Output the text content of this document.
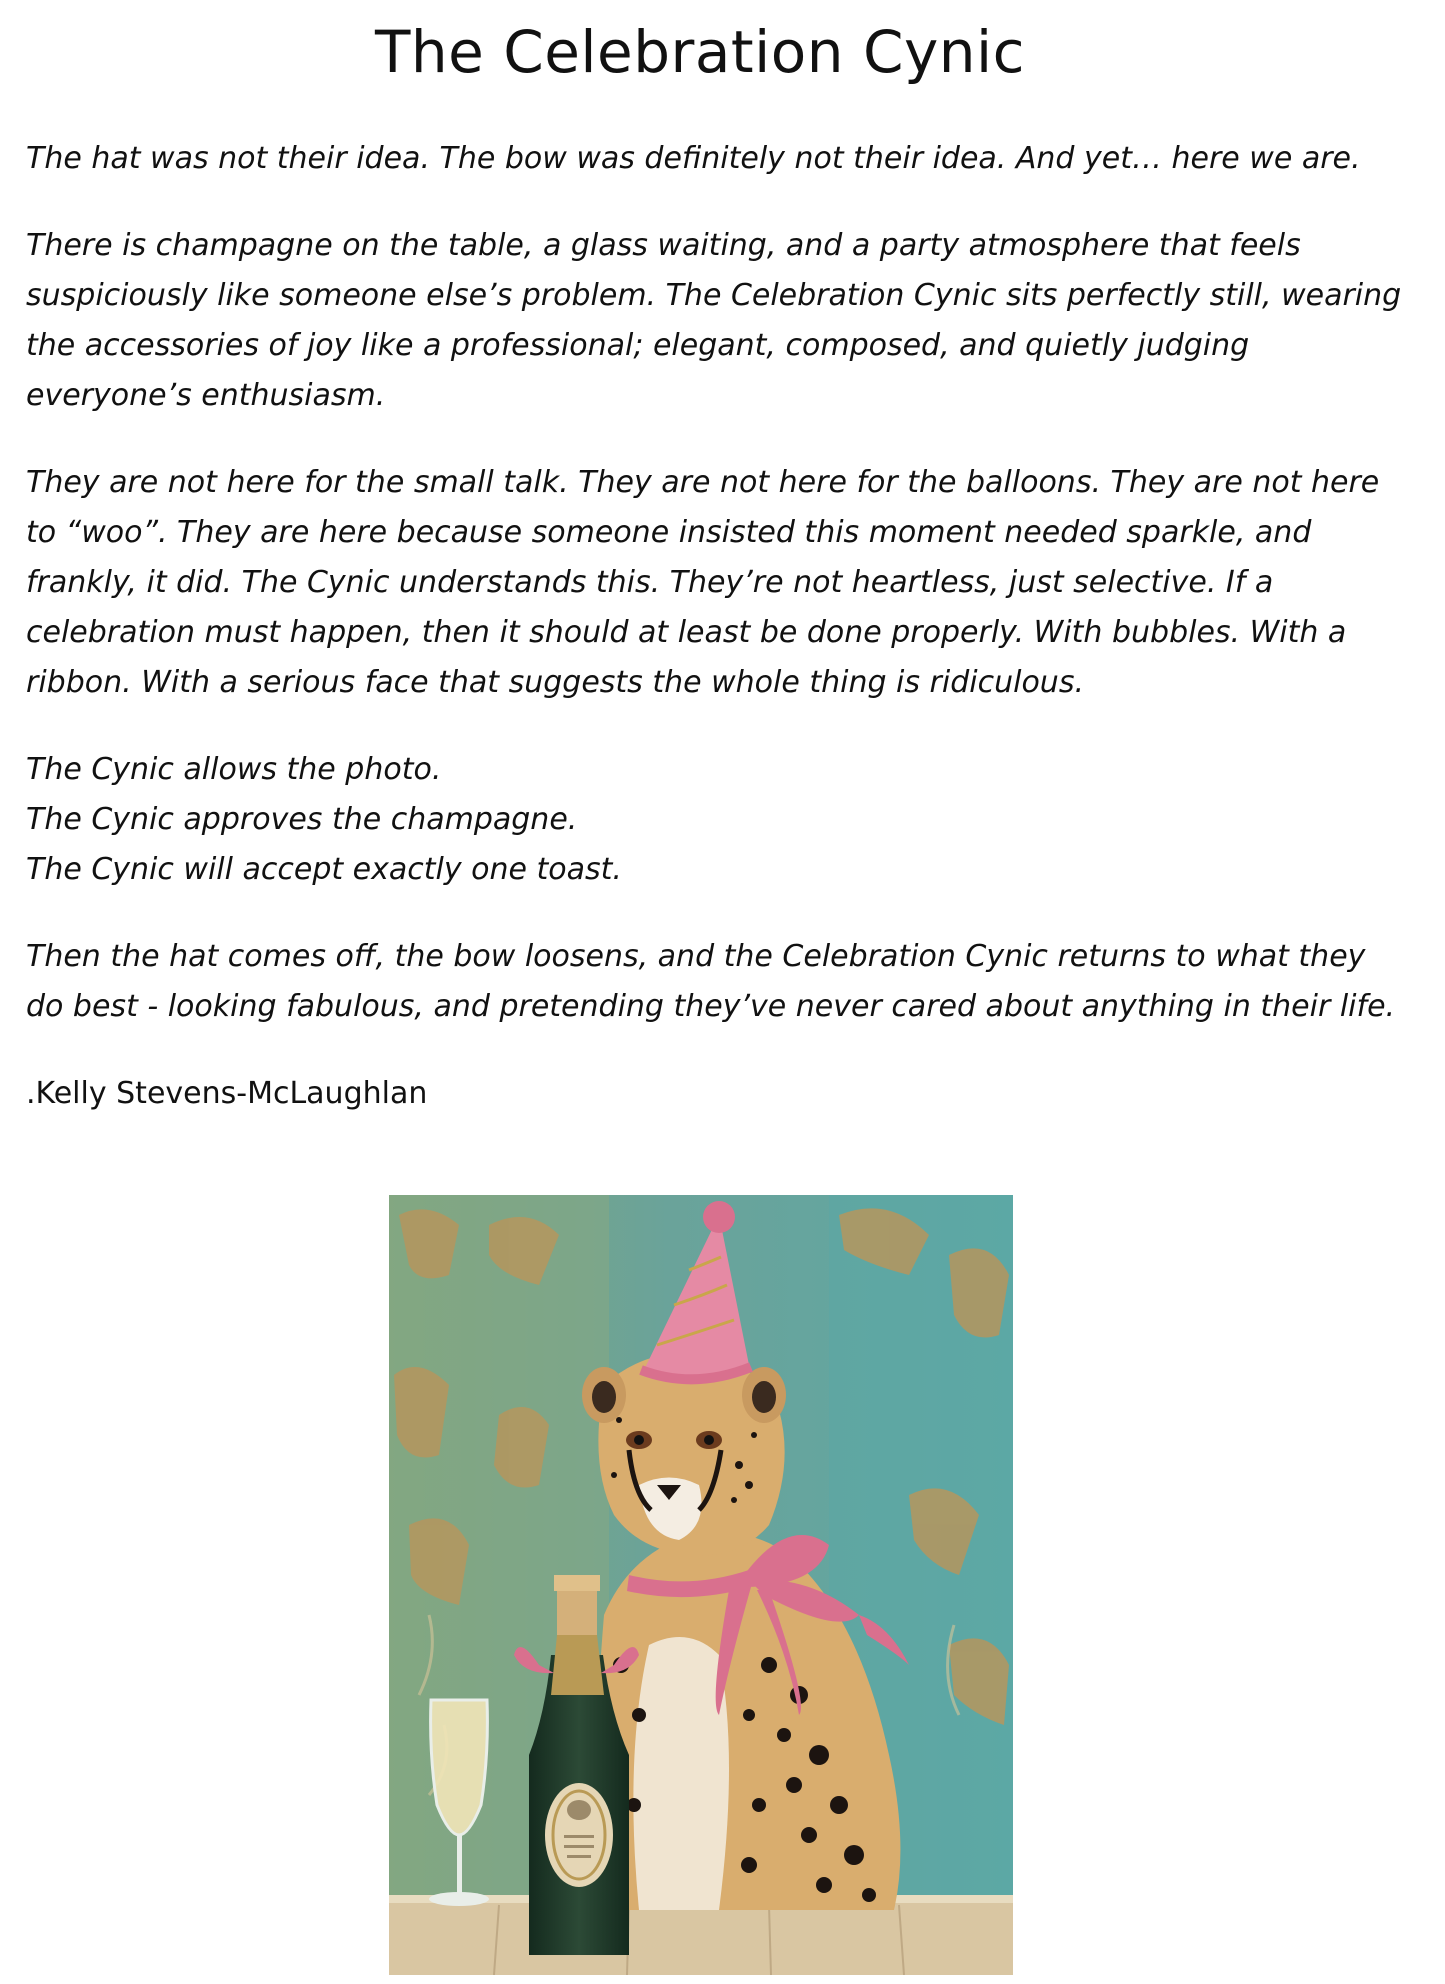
The Celebration Cynic

The hat was not their idea. The bow was definitely not their idea. And yet… here we are.

There is champagne on the table, a glass waiting, and a party atmosphere that feels suspiciously like someone else’s problem. The Celebration Cynic sits perfectly still, wearing the accessories of joy like a professional; elegant, composed, and quietly judging everyone’s enthusiasm.

They are not here for the small talk. They are not here for the balloons. They are not here to “woo”. They are here because someone insisted this moment needed sparkle, and frankly, it did. The Cynic understands this. They’re not heartless, just selective. If a celebration must happen, then it should at least be done properly. With bubbles. With a ribbon. With a serious face that suggests the whole thing is ridiculous.

The Cynic allows the photo.
The Cynic approves the champagne.
The Cynic will accept exactly one toast.

Then the hat comes off, the bow loosens, and the Celebration Cynic returns to what they do best - looking fabulous, and pretending they’ve never cared about anything in their life.

.Kelly Stevens-McLaughlan
